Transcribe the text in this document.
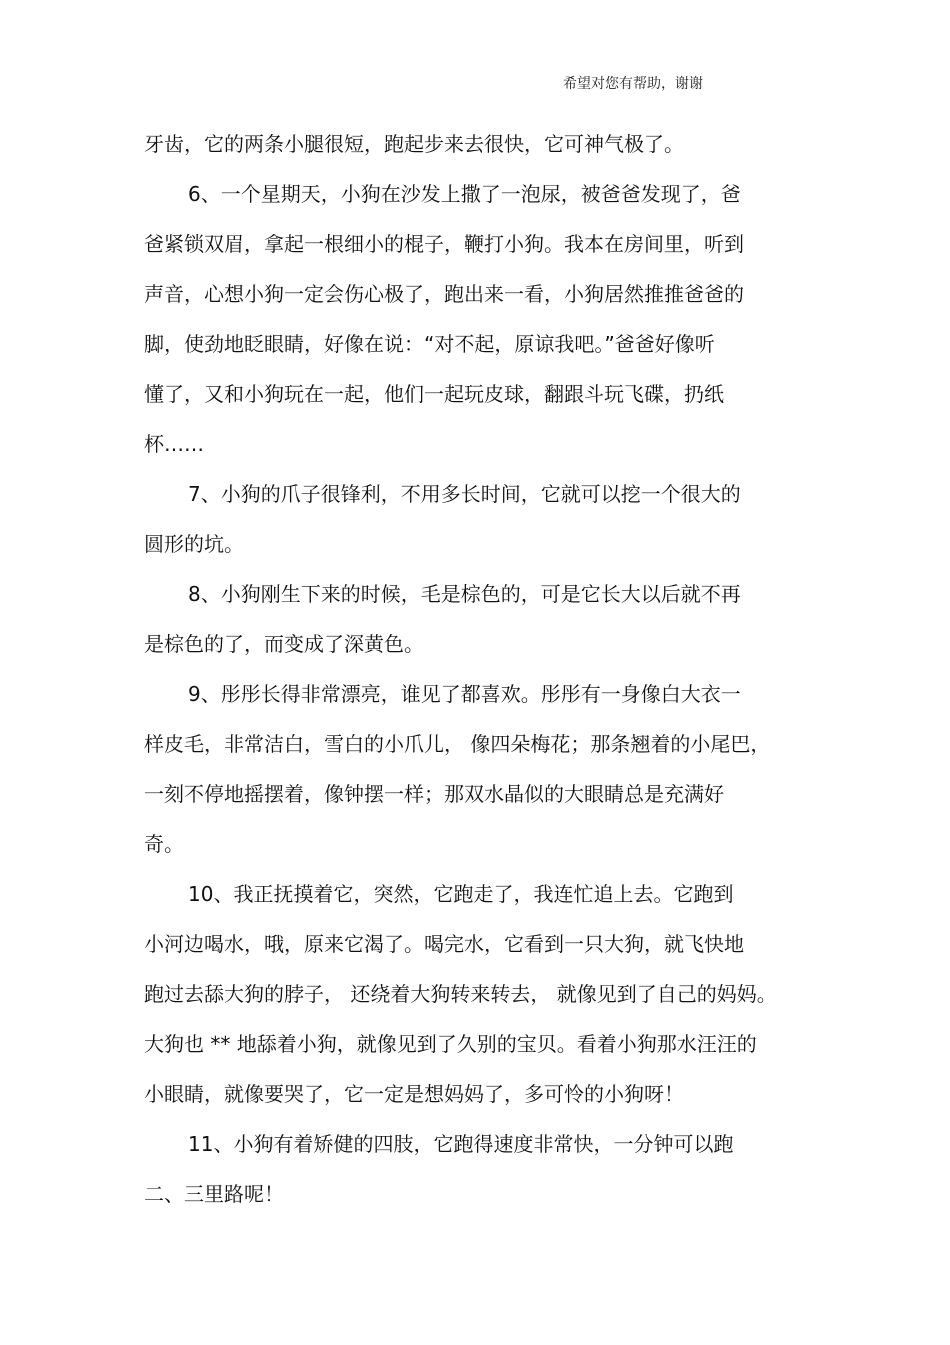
希望对您有帮助，谢谢
牙齿，它的两条小腿很短，跑起步来去很快，它可神气极了。
6、一个星期天，小狗在沙发上撒了一泡尿，被爸爸发现了，爸
爸紧锁双眉，拿起一根细小的棍子，鞭打小狗。我本在房间里，听到
声音，心想小狗一定会伤心极了，跑出来一看，小狗居然推推爸爸的
脚，使劲地眨眼睛，好像在说：“对不起，原谅我吧。”爸爸好像听
懂了，又和小狗玩在一起，他们一起玩皮球，翻跟斗玩飞碟，扔纸
杯……
7、小狗的爪子很锋利，不用多长时间，它就可以挖一个很大的
圆形的坑。
8、小狗刚生下来的时候，毛是棕色的，可是它长大以后就不再
是棕色的了，而变成了深黄色。
9、彤彤长得非常漂亮，谁见了都喜欢。彤彤有一身像白大衣一
样皮毛，非常洁白，雪白的小爪儿， 像四朵梅花；那条翘着的小尾巴，
一刻不停地摇摆着，像钟摆一样；那双水晶似的大眼睛总是充满好
奇。
10、我正抚摸着它，突然，它跑走了，我连忙追上去。它跑到
小河边喝水，哦，原来它渴了。喝完水，它看到一只大狗，就飞快地
跑过去舔大狗的脖子， 还绕着大狗转来转去， 就像见到了自己的妈妈。
大狗也 ** 地舔着小狗，就像见到了久别的宝贝。看着小狗那水汪汪的
小眼睛，就像要哭了，它一定是想妈妈了，多可怜的小狗呀！
11、小狗有着矫健的四肢，它跑得速度非常快，一分钟可以跑
二、三里路呢！
